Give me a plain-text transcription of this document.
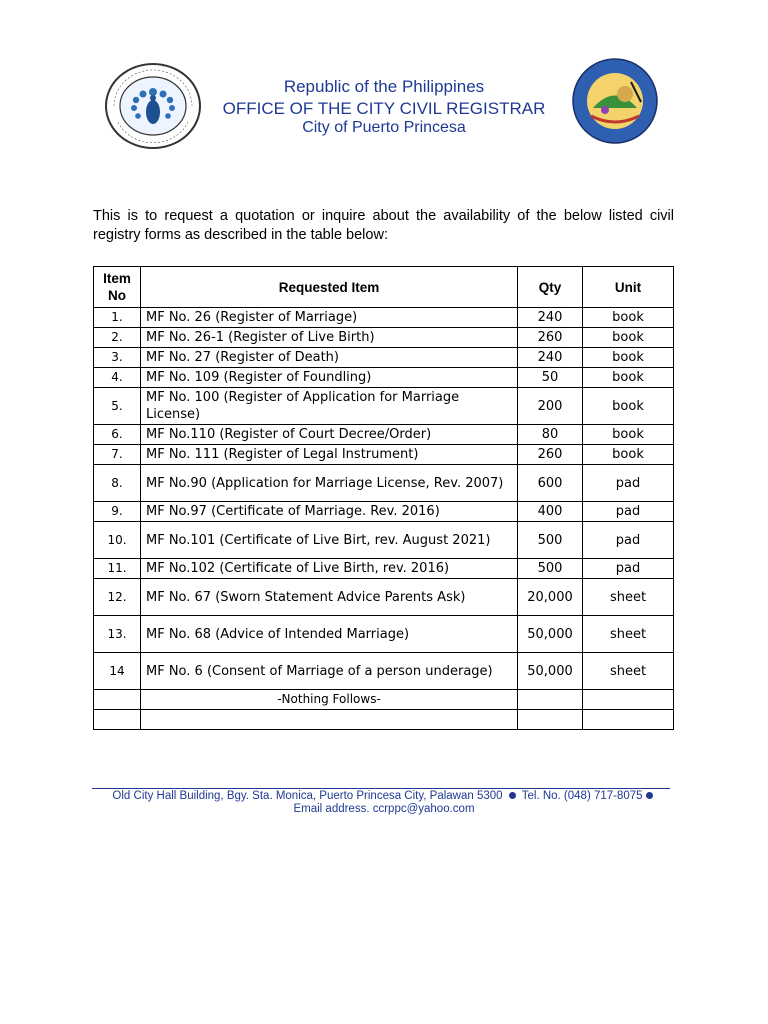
Republic of the Philippines
OFFICE OF THE CITY CIVIL REGISTRAR
City of Puerto Princesa
This is to request a quotation or inquire about the availability of the below listed civil registry forms as described in the table below:
Item No	Requested Item	Qty	Unit
1.	MF No. 26 (Register of Marriage)	240	book
2.	MF No. 26-1 (Register of Live Birth)	260	book
3.	MF No. 27 (Register of Death)	240	book
4.	MF No. 109 (Register of Foundling)	50	book
5.	MF No. 100 (Register of Application for Marriage License)	200	book
6.	MF No.110 (Register of Court Decree/Order)	80	book
7.	MF No. 111 (Register of Legal Instrument)	260	book
8.	MF No.90 (Application for Marriage License, Rev. 2007)	600	pad
9.	MF No.97 (Certificate of Marriage. Rev. 2016)	400	pad
10.	MF No.101 (Certificate of Live Birt, rev. August 2021)	500	pad
11.	MF No.102 (Certificate of Live Birth, rev. 2016)	500	pad
12.	MF No. 67 (Sworn Statement Advice Parents Ask)	20,000	sheet
13.	MF No. 68 (Advice of Intended Marriage)	50,000	sheet
14	MF No. 6 (Consent of Marriage of a person underage)	50,000	sheet
	-Nothing Follows-		

Old City Hall Building, Bgy. Sta. Monica, Puerto Princesa City, Palawan 5300 Tel. No. (048) 717-8075
Email address. ccrppc@yahoo.com
